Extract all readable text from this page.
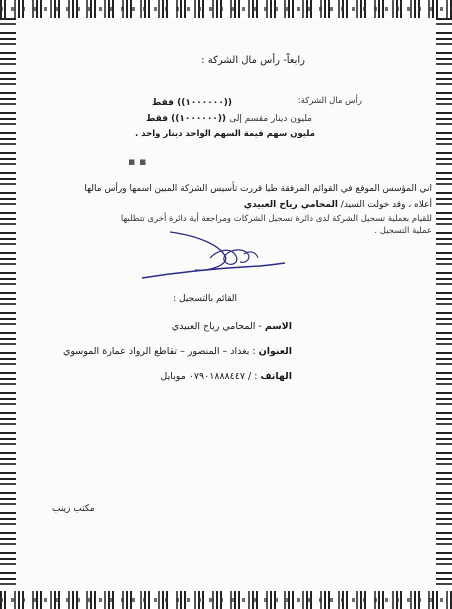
رابعاً- رأس مال الشركة :
رأس مال الشركة:
((١٠٠٠٠٠٠)) فقط
مليون دينار مقسم إلى ((١٠٠٠٠٠٠)) فقط
مليون سهم قيمة السهم الواحد دينار واحد .
▪ ▪
اني المؤسس الموقع في القوائم المرفقة طيا قررت تأسيس الشركة المبين اسمها ورأس مالها
أعلاه ، وقد خولت السيد/ المحامي رياح العبيدي
للقيام بعملية تسجيل الشركة لدى دائرة تسجيل الشركات ومراجعة أية دائرة أخرى تتطلبها
عملية التسجيل .
القائم بالتسجيل :
الاسم - المحامي رياح العبيدي
العنوان : بغداد – المنصور – تقاطع الرواد عمارة الموسوي
الهاتف : / ٠٧٩٠١٨٨٨٤٤٧ موبايل
مكتب زينب
